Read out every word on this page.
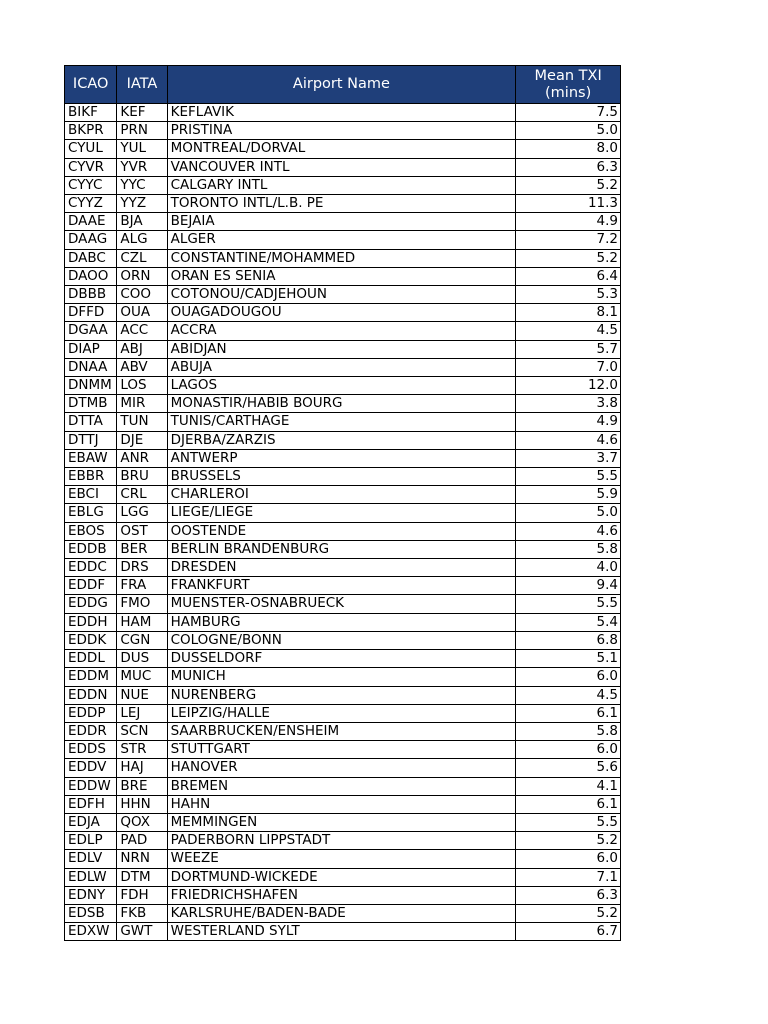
ICAO	IATA	Airport Name	Mean TXI
(mins)
BIKF	KEF	KEFLAVIK	7.5
BKPR	PRN	PRISTINA	5.0
CYUL	YUL	MONTREAL/DORVAL	8.0
CYVR	YVR	VANCOUVER INTL	6.3
CYYC	YYC	CALGARY INTL	5.2
CYYZ	YYZ	TORONTO INTL/L.B. PE	11.3
DAAE	BJA	BEJAIA	4.9
DAAG	ALG	ALGER	7.2
DABC	CZL	CONSTANTINE/MOHAMMED	5.2
DAOO	ORN	ORAN ES SENIA	6.4
DBBB	COO	COTONOU/CADJEHOUN	5.3
DFFD	OUA	OUAGADOUGOU	8.1
DGAA	ACC	ACCRA	4.5
DIAP	ABJ	ABIDJAN	5.7
DNAA	ABV	ABUJA	7.0
DNMM	LOS	LAGOS	12.0
DTMB	MIR	MONASTIR/HABIB BOURG	3.8
DTTA	TUN	TUNIS/CARTHAGE	4.9
DTTJ	DJE	DJERBA/ZARZIS	4.6
EBAW	ANR	ANTWERP	3.7
EBBR	BRU	BRUSSELS	5.5
EBCI	CRL	CHARLEROI	5.9
EBLG	LGG	LIEGE/LIEGE	5.0
EBOS	OST	OOSTENDE	4.6
EDDB	BER	BERLIN BRANDENBURG	5.8
EDDC	DRS	DRESDEN	4.0
EDDF	FRA	FRANKFURT	9.4
EDDG	FMO	MUENSTER-OSNABRUECK	5.5
EDDH	HAM	HAMBURG	5.4
EDDK	CGN	COLOGNE/BONN	6.8
EDDL	DUS	DUSSELDORF	5.1
EDDM	MUC	MUNICH	6.0
EDDN	NUE	NURENBERG	4.5
EDDP	LEJ	LEIPZIG/HALLE	6.1
EDDR	SCN	SAARBRUCKEN/ENSHEIM	5.8
EDDS	STR	STUTTGART	6.0
EDDV	HAJ	HANOVER	5.6
EDDW	BRE	BREMEN	4.1
EDFH	HHN	HAHN	6.1
EDJA	QOX	MEMMINGEN	5.5
EDLP	PAD	PADERBORN LIPPSTADT	5.2
EDLV	NRN	WEEZE	6.0
EDLW	DTM	DORTMUND-WICKEDE	7.1
EDNY	FDH	FRIEDRICHSHAFEN	6.3
EDSB	FKB	KARLSRUHE/BADEN-BADE	5.2
EDXW	GWT	WESTERLAND SYLT	6.7
